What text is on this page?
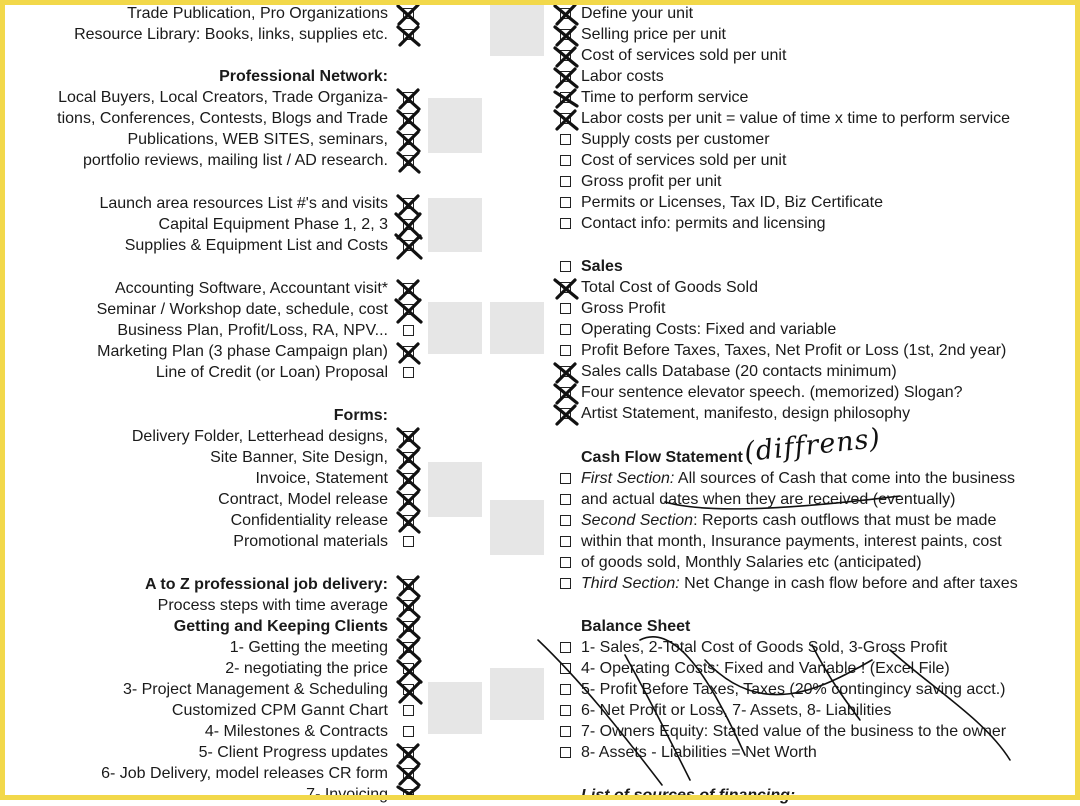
Trade Publication, Pro Organizations
Resource Library: Books, links, supplies etc.
Professional Network:
Local Buyers, Local Creators, Trade Organiza-
tions, Conferences, Contests, Blogs and Trade
Publications, WEB SITES, seminars,
portfolio reviews, mailing list / AD research.
Launch area resources List #'s and visits
Capital Equipment Phase 1, 2, 3
Supplies & Equipment List and Costs
Accounting Software, Accountant visit*
Seminar / Workshop date, schedule, cost
Business Plan, Profit/Loss, RA, NPV...
Marketing Plan (3 phase Campaign plan)
Line of Credit (or Loan) Proposal
Forms:
Delivery Folder, Letterhead designs,
Site Banner, Site Design,
Invoice, Statement
Contract, Model release
Confidentiality release
Promotional materials
A to Z professional job delivery:
Process steps with time average
Getting and Keeping Clients
1- Getting the meeting
2- negotiating the price
3- Project Management & Scheduling
Customized CPM Gannt Chart
4- Milestones & Contracts
5- Client Progress updates
6- Job Delivery, model releases CR form
7- Invoicing
Define your unit
Selling price per unit
Cost of services sold per unit
Labor costs
Time to perform service
Labor costs per unit = value of time x time to perform service
Supply costs per customer
Cost of services sold per unit
Gross profit per unit
Permits or Licenses, Tax ID, Biz Certificate
Contact info: permits and licensing
Sales
Total Cost of Goods Sold
Gross Profit
Operating Costs: Fixed and variable
Profit Before Taxes, Taxes, Net Profit or Loss (1st, 2nd year)
Sales calls Database (20 contacts minimum)
Four sentence elevator speech. (memorized) Slogan?
Artist Statement, manifesto, design philosophy
Cash Flow Statement
First Section: All sources of Cash that come into the business
and actual dates when they are received (eventually)
Second Section: Reports cash outflows that must be made
within that month, Insurance payments, interest paints, cost
of goods sold, Monthly Salaries etc (anticipated)
Third Section: Net Change in cash flow before and after taxes
Balance Sheet
1- Sales, 2-Total Cost of Goods Sold, 3-Gross Profit
4- Operating Costs: Fixed and Variable ! (Excel File)
5- Profit Before Taxes, Taxes (20% contingincy saving acct.)
6- Net Profit or Loss, 7- Assets, 8- Liabilities
7- Owners Equity: Stated value of the business to the owner
8- Assets - Liabilities = Net Worth
List of sources of financing:
(diffrens)
